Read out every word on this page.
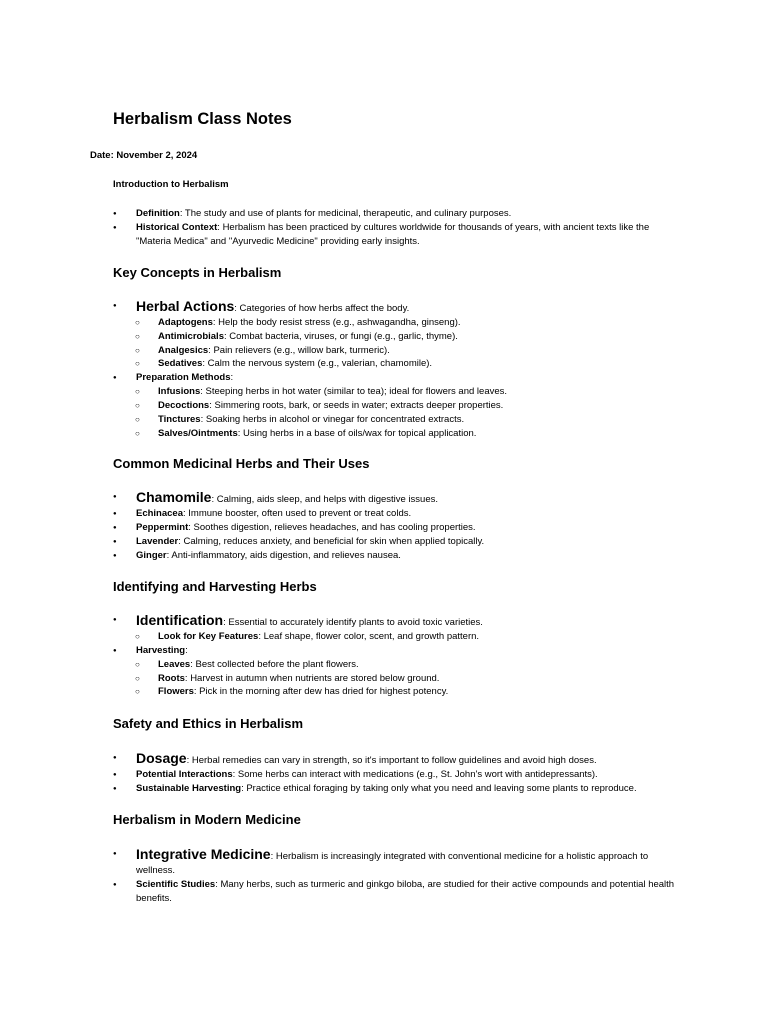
Herbalism Class Notes
Date: November 2, 2024
Introduction to Herbalism
● Definition: The study and use of plants for medicinal, therapeutic, and culinary purposes.
● Historical Context: Herbalism has been practiced by cultures worldwide for thousands of years, with ancient texts like the "Materia Medica" and "Ayurvedic Medicine" providing early insights.
Key Concepts in Herbalism
● Herbal Actions: Categories of how herbs affect the body.
○ Adaptogens: Help the body resist stress (e.g., ashwagandha, ginseng).
○ Antimicrobials: Combat bacteria, viruses, or fungi (e.g., garlic, thyme).
○ Analgesics: Pain relievers (e.g., willow bark, turmeric).
○ Sedatives: Calm the nervous system (e.g., valerian, chamomile).
● Preparation Methods:
○ Infusions: Steeping herbs in hot water (similar to tea); ideal for flowers and leaves.
○ Decoctions: Simmering roots, bark, or seeds in water; extracts deeper properties.
○ Tinctures: Soaking herbs in alcohol or vinegar for concentrated extracts.
○ Salves/Ointments: Using herbs in a base of oils/wax for topical application.
Common Medicinal Herbs and Their Uses
● Chamomile: Calming, aids sleep, and helps with digestive issues.
● Echinacea: Immune booster, often used to prevent or treat colds.
● Peppermint: Soothes digestion, relieves headaches, and has cooling properties.
● Lavender: Calming, reduces anxiety, and beneficial for skin when applied topically.
● Ginger: Anti-inflammatory, aids digestion, and relieves nausea.
Identifying and Harvesting Herbs
● Identification: Essential to accurately identify plants to avoid toxic varieties.
○ Look for Key Features: Leaf shape, flower color, scent, and growth pattern.
● Harvesting:
○ Leaves: Best collected before the plant flowers.
○ Roots: Harvest in autumn when nutrients are stored below ground.
○ Flowers: Pick in the morning after dew has dried for highest potency.
Safety and Ethics in Herbalism
● Dosage: Herbal remedies can vary in strength, so it's important to follow guidelines and avoid high doses.
● Potential Interactions: Some herbs can interact with medications (e.g., St. John's wort with antidepressants).
● Sustainable Harvesting: Practice ethical foraging by taking only what you need and leaving some plants to reproduce.
Herbalism in Modern Medicine
● Integrative Medicine: Herbalism is increasingly integrated with conventional medicine for a holistic approach to wellness.
● Scientific Studies: Many herbs, such as turmeric and ginkgo biloba, are studied for their active compounds and potential health benefits.
